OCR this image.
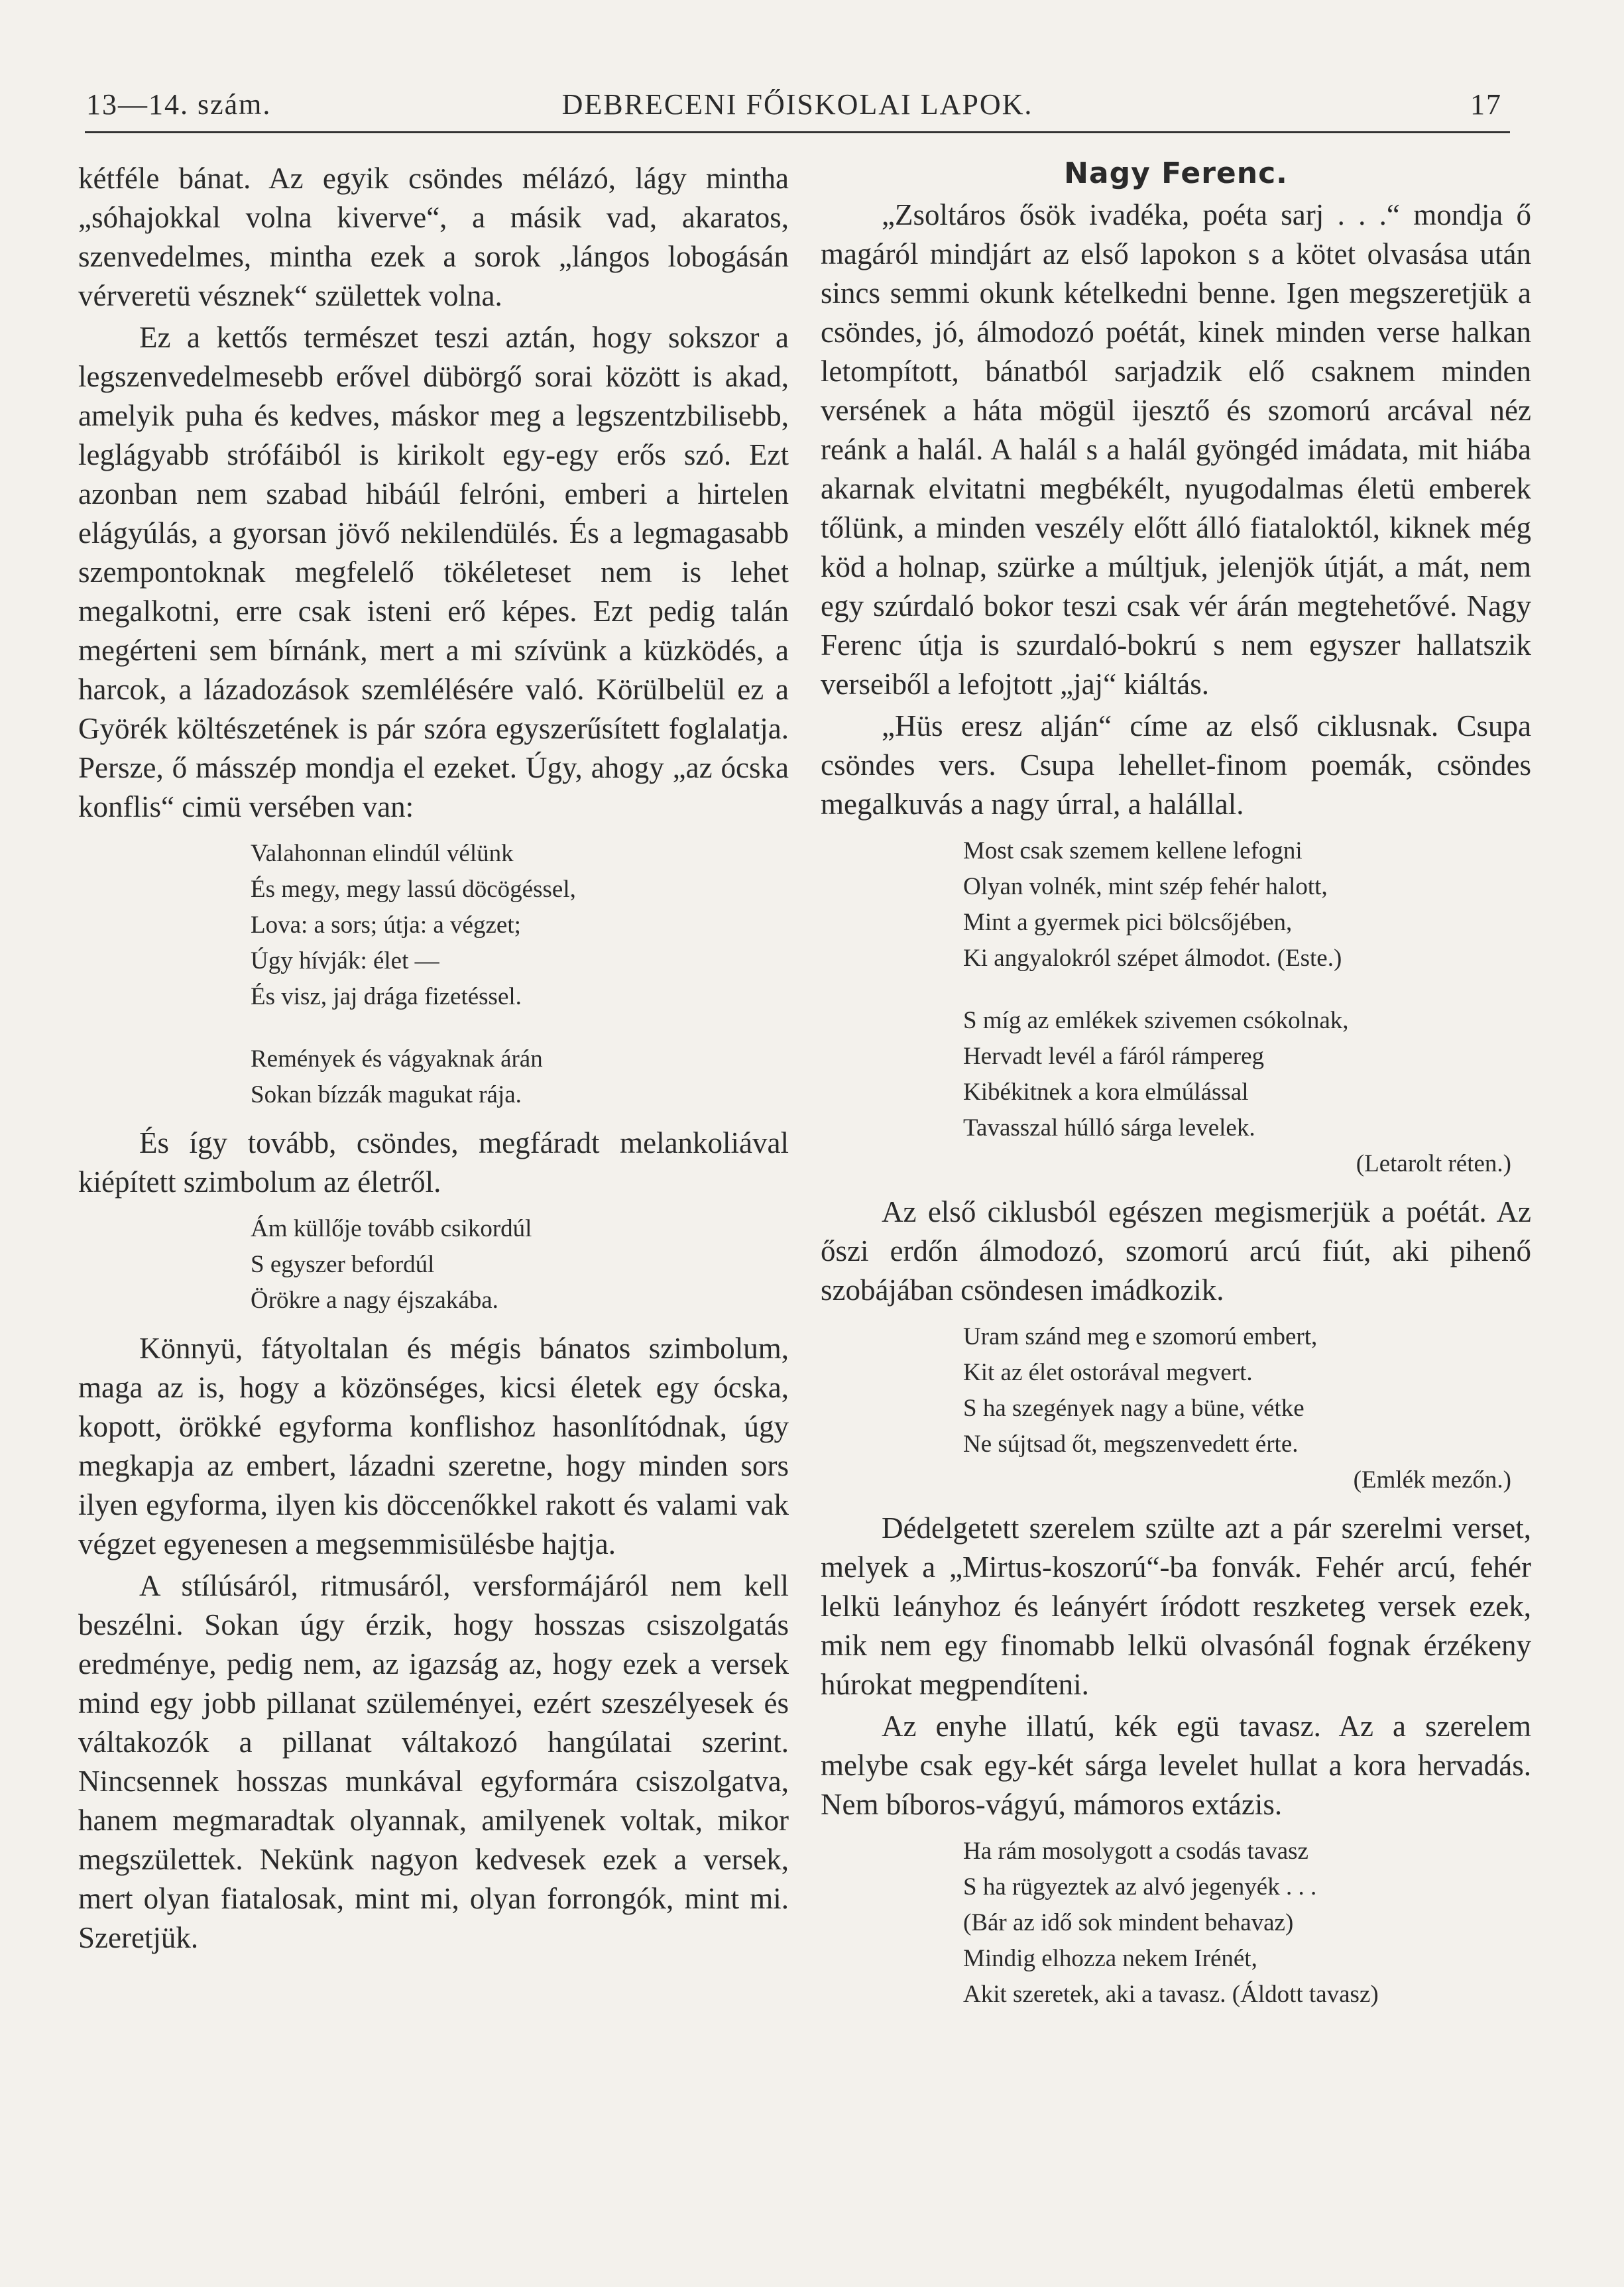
13—14. szám.	DEBRECENI FŐISKOLAI LAPOK.	17

kétféle bánat. Az egyik csöndes mélázó, lágy mintha „sóhajokkal volna kiverve“, a másik vad, akaratos, szenvedelmes, mintha ezek a sorok „lángos lobogásán vérveretü vésznek“ születtek volna.

Ez a kettős természet teszi aztán, hogy sokszor a legszenvedelmesebb erővel dübörgő sorai között is akad, amelyik puha és kedves, máskor meg a legszentzbilisebb, leglágyabb strófáiból is kirikolt egy-egy erős szó. Ezt azonban nem szabad hibáúl felróni, emberi a hirtelen elágyúlás, a gyorsan jövő nekilendülés. És a legmagasabb szempontoknak megfelelő tökéleteset nem is lehet megalkotni, erre csak isteni erő képes. Ezt pedig talán megérteni sem bírnánk, mert a mi szívünk a küzködés, a harcok, a lázadozások szemlélésére való. Körülbelül ez a Györék költészetének is pár szóra egyszerűsített foglalatja. Persze, ő másszép mondja el ezeket. Úgy, ahogy „az ócska konflis“ cimü versében van:

Valahonnan elindúl vélünk
És megy, megy lassú döcögéssel,
Lova: a sors; útja: a végzet;
Úgy hívják: élet —
És visz, jaj drága fizetéssel.
Remények és vágyaknak árán
Sokan bízzák magukat rája.

És így tovább, csöndes, megfáradt melankoliával kiépített szimbolum az életről.

Ám küllője tovább csikordúl
S egyszer befordúl
Örökre a nagy éjszakába.

Könnyü, fátyoltalan és mégis bánatos szimbolum, maga az is, hogy a közönséges, kicsi életek egy ócska, kopott, örökké egyforma konflishoz hasonlítódnak, úgy megkapja az embert, lázadni szeretne, hogy minden sors ilyen egyforma, ilyen kis döccenőkkel rakott és valami vak végzet egyenesen a megsemmisülésbe hajtja.

A stílúsáról, ritmusáról, versformájáról nem kell beszélni. Sokan úgy érzik, hogy hosszas csiszolgatás eredménye, pedig nem, az igazság az, hogy ezek a versek mind egy jobb pillanat szüleményei, ezért szeszélyesek és váltakozók a pillanat váltakozó hangúlatai szerint. Nincsennek hosszas munkával egyformára csiszolgatva, hanem megmaradtak olyannak, amilyenek voltak, mikor megszülettek. Nekünk nagyon kedvesek ezek a versek, mert olyan fiatalosak, mint mi, olyan forrongók, mint mi. Szeretjük.

Nagy Ferenc.

„Zsoltáros ősök ivadéka, poéta sarj . . .“ mondja ő magáról mindjárt az első lapokon s a kötet olvasása után sincs semmi okunk kételkedni benne. Igen megszeretjük a csöndes, jó, álmodozó poétát, kinek minden verse halkan letompított, bánatból sarjadzik elő csaknem minden versének a háta mögül ijesztő és szomorú arcával néz reánk a halál. A halál s a halál gyöngéd imádata, mit hiába akarnak elvitatni megbékélt, nyugodalmas életü emberek tőlünk, a minden veszély előtt álló fiataloktól, kiknek még köd a holnap, szürke a múltjuk, jelenjök útját, a mát, nem egy szúrdaló bokor teszi csak vér árán megtehetővé. Nagy Ferenc útja is szurdaló-bokrú s nem egyszer hallatszik verseiből a lefojtott „jaj“ kiáltás.

„Hüs eresz alján“ címe az első ciklusnak. Csupa csöndes vers. Csupa lehellet-finom poemák, csöndes megalkuvás a nagy úrral, a halállal.

Most csak szemem kellene lefogni
Olyan volnék, mint szép fehér halott,
Mint a gyermek pici bölcsőjében,
Ki angyalokról szépet álmodot. (Este.)
S míg az emlékek szivemen csókolnak,
Hervadt levél a fáról rámpereg
Kibékitnek a kora elmúlással
Tavasszal húlló sárga levelek.
(Letarolt réten.)

Az első ciklusból egészen megismerjük a poétát. Az őszi erdőn álmodozó, szomorú arcú fiút, aki pihenő szobájában csöndesen imádkozik.

Uram szánd meg e szomorú embert,
Kit az élet ostorával megvert.
S ha szegények nagy a büne, vétke
Ne sújtsad őt, megszenvedett érte.
(Emlék mezőn.)

Dédelgetett szerelem szülte azt a pár szerelmi verset, melyek a „Mirtus-koszorú“-ba fonvák. Fehér arcú, fehér lelkü leányhoz és leányért íródott reszketeg versek ezek, mik nem egy finomabb lelkü olvasónál fognak érzékeny húrokat megpendíteni.

Az enyhe illatú, kék egü tavasz. Az a szerelem melybe csak egy-két sárga levelet hullat a kora hervadás. Nem bíboros-vágyú, mámoros extázis.

Ha rám mosolygott a csodás tavasz
S ha rügyeztek az alvó jegenyék . . .
(Bár az idő sok mindent behavaz)
Mindig elhozza nekem Irénét,
Akit szeretek, aki a tavasz. (Áldott tavasz)
